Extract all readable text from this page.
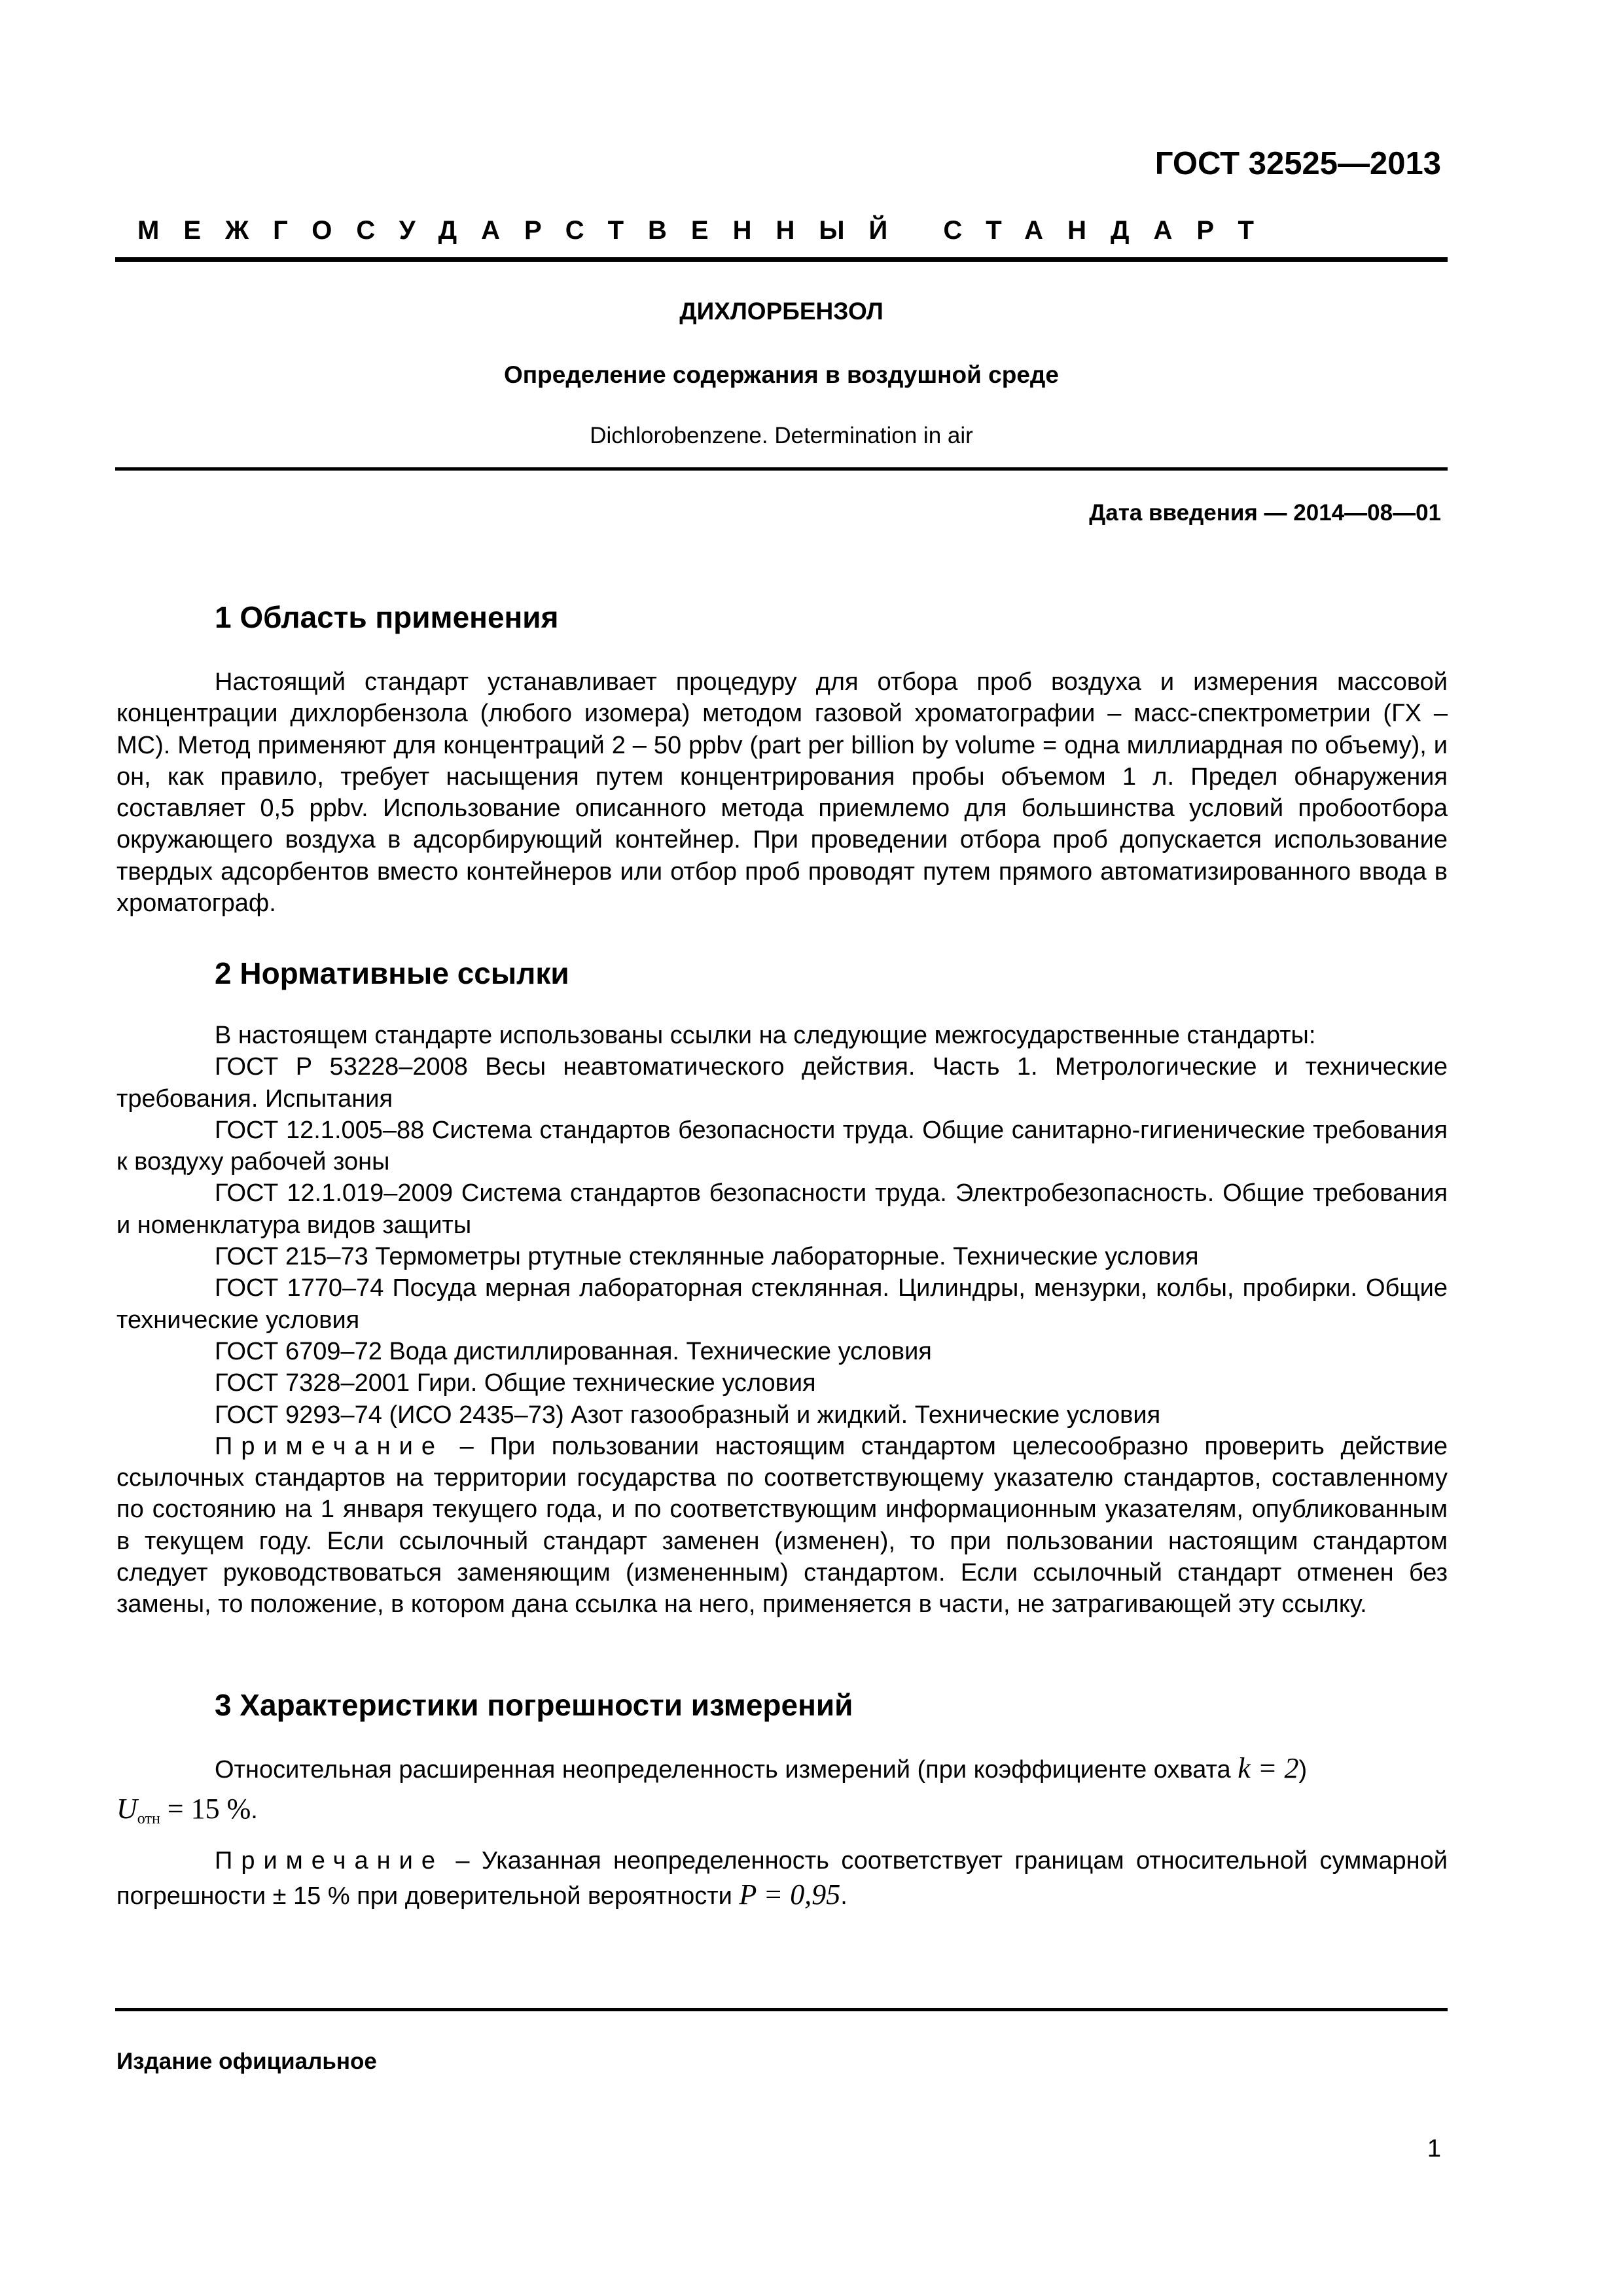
ГОСТ 32525—2013
МЕЖГОСУДАРСТВЕННЫЙ СТАНДАРТ
ДИХЛОРБЕНЗОЛ
Определение содержания в воздушной среде
Dichlorobenzene. Determination in air
Дата введения — 2014—08—01
1 Область применения

Настоящий стандарт устанавливает процедуру для отбора проб воздуха и измерения массовой концентрации дихлорбензола (любого изомера) методом газовой хроматографии – масс-спектрометрии (ГХ – МС). Метод применяют для концентраций 2 – 50 ppbv (part per billion by volume = одна миллиардная по объему), и он, как правило, требует насыщения путем концентрирования пробы объемом 1 л. Предел обнаружения составляет 0,5 ppbv. Использование описанного метода приемлемо для большинства условий пробоотбора окружающего воздуха в адсорбирующий контейнер. При проведении отбора проб допускается использование твердых адсорбентов вместо контейнеров или отбор проб проводят путем прямого автоматизированного ввода в хроматограф.

2 Нормативные ссылки

В настоящем стандарте использованы ссылки на следующие межгосударственные стандарты:

ГОСТ Р 53228–2008 Весы неавтоматического действия. Часть 1. Метрологические и технические требования. Испытания

ГОСТ 12.1.005–88 Система стандартов безопасности труда. Общие санитарно-гигиенические требования к воздуху рабочей зоны

ГОСТ 12.1.019–2009 Система стандартов безопасности труда. Электробезопасность. Общие требования и номенклатура видов защиты

ГОСТ 215–73 Термометры ртутные стеклянные лабораторные. Технические условия

ГОСТ 1770–74 Посуда мерная лабораторная стеклянная. Цилиндры, мензурки, колбы, пробирки. Общие технические условия

ГОСТ 6709–72 Вода дистиллированная. Технические условия

ГОСТ 7328–2001 Гири. Общие технические условия

ГОСТ 9293–74 (ИСО 2435–73) Азот газообразный и жидкий. Технические условия

Примечание – При пользовании настоящим стандартом целесообразно проверить действие ссылочных стандартов на территории государства по соответствующему указателю стандартов, составленному по состоянию на 1 января текущего года, и по соответствующим информационным указателям, опубликованным в текущем году. Если ссылочный стандарт заменен (изменен), то при пользовании настоящим стандартом следует руководствоваться заменяющим (измененным) стандартом. Если ссылочный стандарт отменен без замены, то положение, в котором дана ссылка на него, применяется в части, не затрагивающей эту ссылку.

3 Характеристики погрешности измерений

Относительная расширенная неопределенность измерений (при коэффициенте охвата k = 2)

$U_{отн} = 15$ %.

Примечание – Указанная неопределенность соответствует границам относительной суммарной погрешности ± 15 % при доверительной вероятности P = 0,95.

Издание официальное
1
